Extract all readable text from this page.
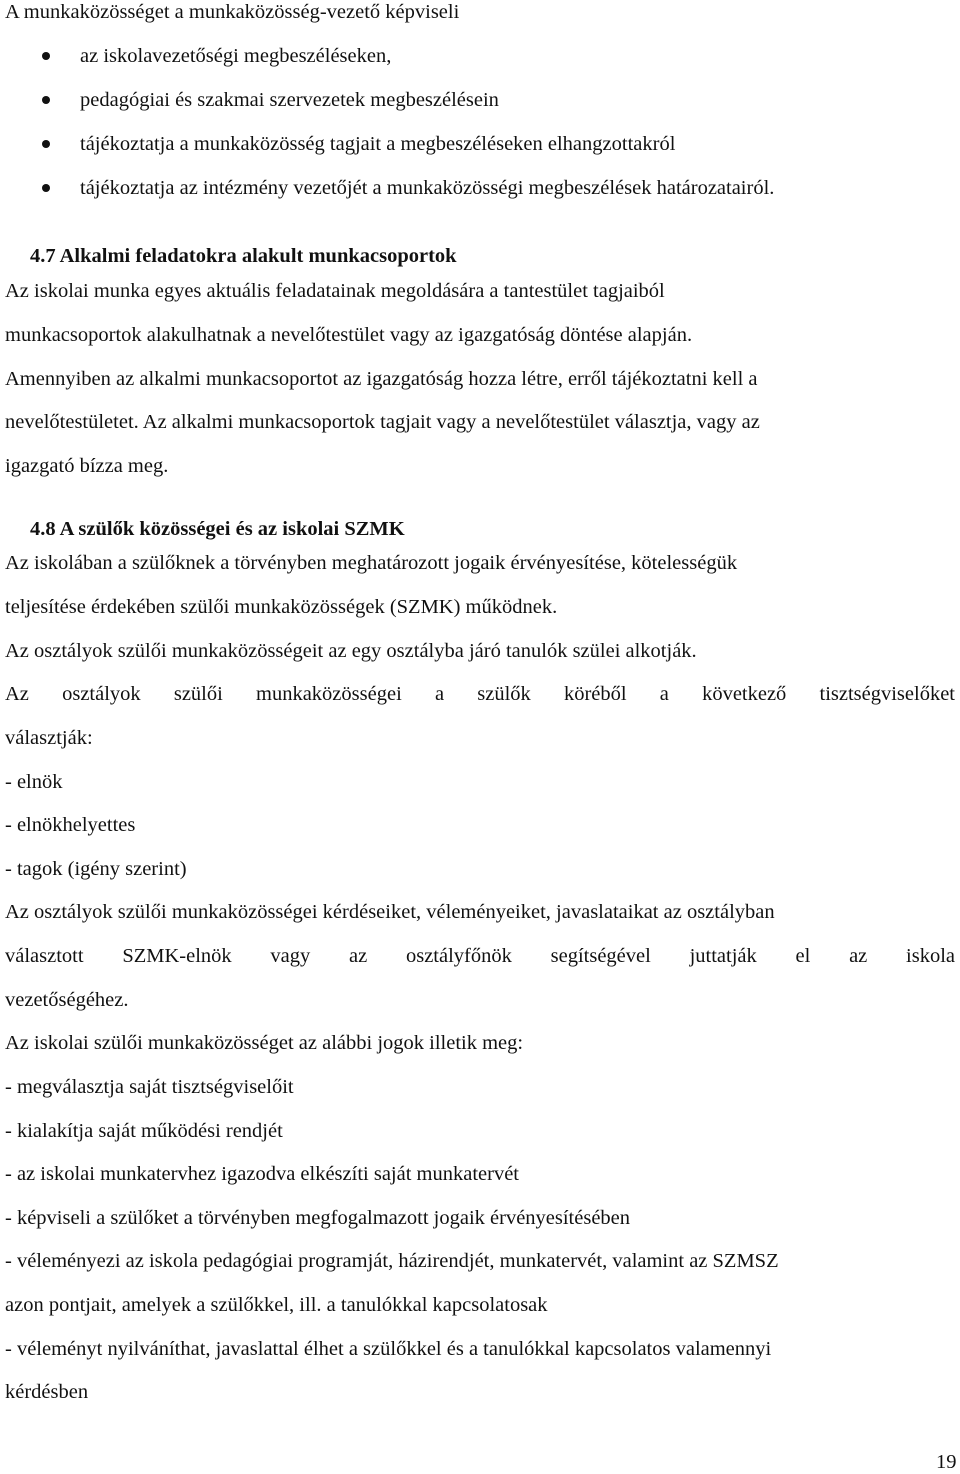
A munkaközösséget a munkaközösség-vezető képviseli
az iskolavezetőségi megbeszéléseken,
pedagógiai és szakmai szervezetek megbeszélésein
tájékoztatja a munkaközösség tagjait a megbeszéléseken elhangzottakról
tájékoztatja az intézmény vezetőjét a munkaközösségi megbeszélések határozatairól.
4.7 Alkalmi feladatokra alakult munkacsoportok
Az iskolai munka egyes aktuális feladatainak megoldására a tantestület tagjaiból
munkacsoportok alakulhatnak a nevelőtestület vagy az igazgatóság döntése alapján.
Amennyiben az alkalmi munkacsoportot az igazgatóság hozza létre, erről tájékoztatni kell a
nevelőtestületet. Az alkalmi munkacsoportok tagjait vagy a nevelőtestület választja, vagy az
igazgató bízza meg.
4.8 A szülők közösségei és az iskolai SZMK
Az iskolában a szülőknek a törvényben meghatározott jogaik érvényesítése, kötelességük
teljesítése érdekében szülői munkaközösségek (SZMK) működnek.
Az osztályok szülői munkaközösségeit az egy osztályba járó tanulók szülei alkotják.
Az osztályok szülői munkaközösségei a szülők köréből a következő tisztségviselőket
választják:
- elnök
- elnökhelyettes
- tagok (igény szerint)
Az osztályok szülői munkaközösségei kérdéseiket, véleményeiket, javaslataikat az osztályban
választott SZMK-elnök vagy az osztályfőnök segítségével juttatják el az iskola
vezetőségéhez.
Az iskolai szülői munkaközösséget az alábbi jogok illetik meg:
- megválasztja saját tisztségviselőit
- kialakítja saját működési rendjét
- az iskolai munkatervhez igazodva elkészíti saját munkatervét
- képviseli a szülőket a törvényben megfogalmazott jogaik érvényesítésében
- véleményezi az iskola pedagógiai programját, házirendjét, munkatervét, valamint az SZMSZ
azon pontjait, amelyek a szülőkkel, ill. a tanulókkal kapcsolatosak
- véleményt nyilváníthat, javaslattal élhet a szülőkkel és a tanulókkal kapcsolatos valamennyi
kérdésben
19
